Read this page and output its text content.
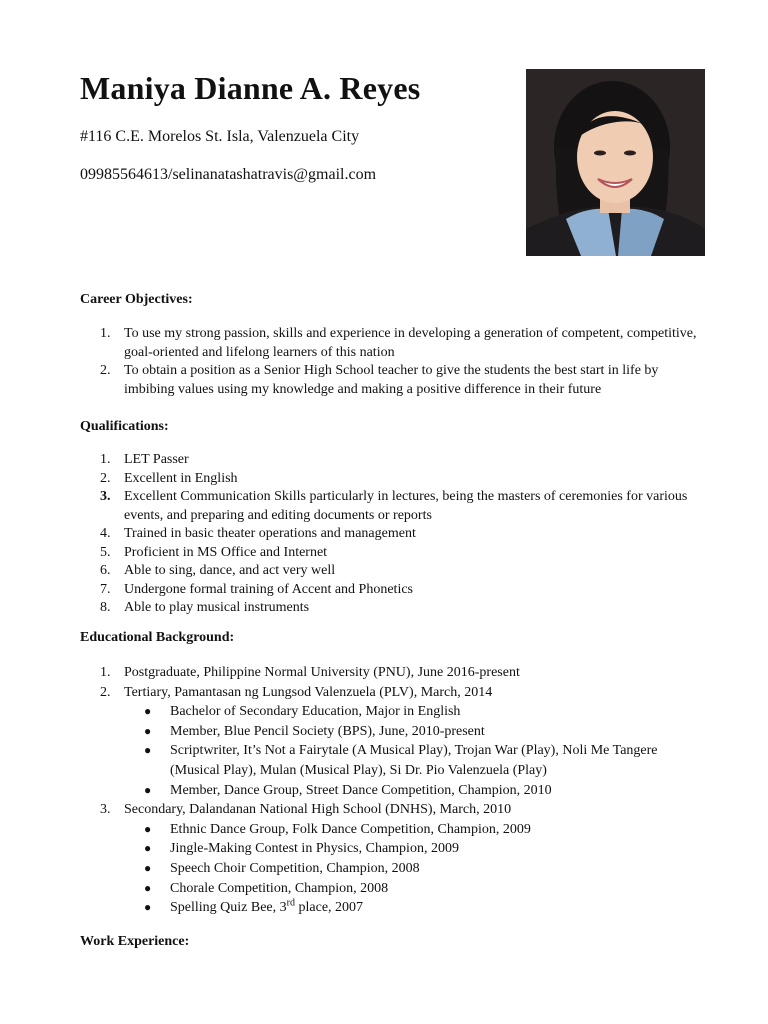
Maniya Dianne A. Reyes

#116 C.E. Morelos St. Isla, Valenzuela City

09985564613/selinanatashatravis@gmail.com

Career Objectives:

1. To use my strong passion, skills and experience in developing a generation of competent, competitive, goal-oriented and lifelong learners of this nation
2. To obtain a position as a Senior High School teacher to give the students the best start in life by imbibing values using my knowledge and making a positive difference in their future

Qualifications:

1. LET Passer
2. Excellent in English
3. Excellent Communication Skills particularly in lectures, being the masters of ceremonies for various events, and preparing and editing documents or reports
4. Trained in basic theater operations and management
5. Proficient in MS Office and Internet
6. Able to sing, dance, and act very well
7. Undergone formal training of Accent and Phonetics
8. Able to play musical instruments

Educational Background:

1. Postgraduate, Philippine Normal University (PNU), June 2016-present
2. Tertiary, Pamantasan ng Lungsod Valenzuela (PLV), March, 2014
● Bachelor of Secondary Education, Major in English
● Member, Blue Pencil Society (BPS), June, 2010-present
● Scriptwriter, It’s Not a Fairytale (A Musical Play), Trojan War (Play), Noli Me Tangere (Musical Play), Mulan (Musical Play), Si Dr. Pio Valenzuela (Play)
● Member, Dance Group, Street Dance Competition, Champion, 2010
3. Secondary, Dalandanan National High School (DNHS), March, 2010
● Ethnic Dance Group, Folk Dance Competition, Champion, 2009
● Jingle-Making Contest in Physics, Champion, 2009
● Speech Choir Competition, Champion, 2008
● Chorale Competition, Champion, 2008
● Spelling Quiz Bee, 3rd place, 2007

Work Experience:
